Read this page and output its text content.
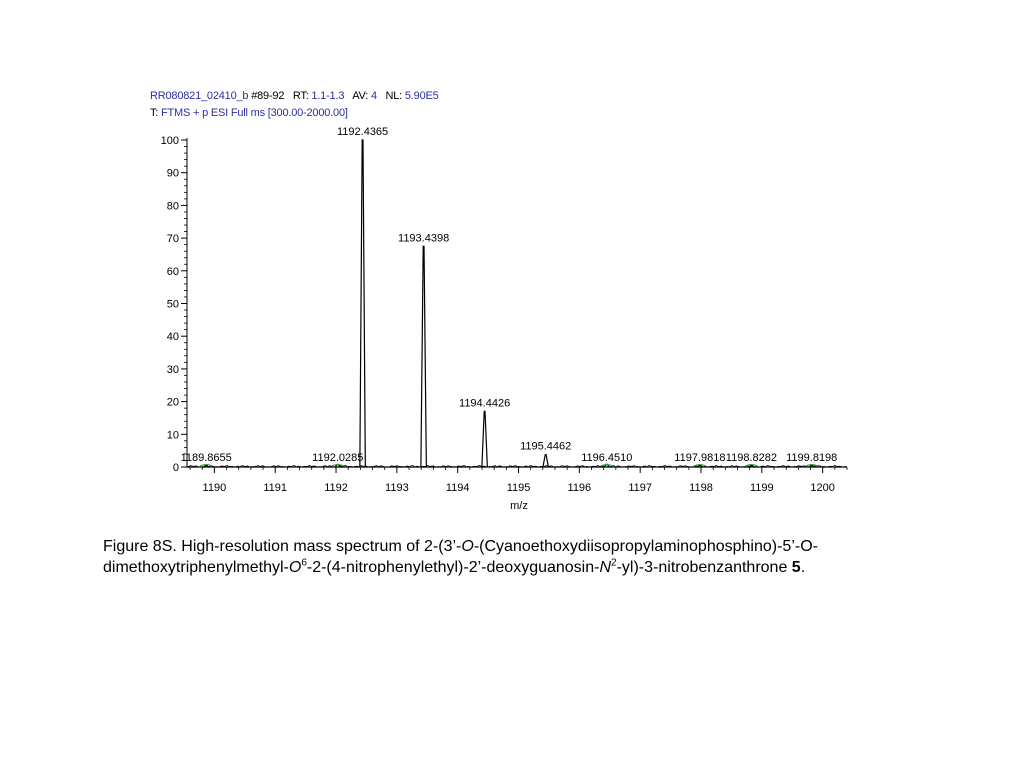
RR080821_02410_b #89-92 RT: 1.1-1.3 AV: 4 NL: 5.90E5
T: FTMS + p ESI Full ms [300.00-2000.00]
0
10
20
30
40
50
60
70
80
90
100
1190	1191	1192	1193	1194	1195	1196	1197	1198	1199	1200
1189.8655	1192.0285
1192.4365
1193.4398
1194.4426
1195.4462
1196.4510	1197.9818 1198.8282 1199.8198
m/z
Figure 8S. High-resolution mass spectrum of 2-(3’-O-(Cyanoethoxydiisopropylaminophosphino)-5’-O-
dimethoxytriphenylmethyl-$O^6-2-(4-nitrophenylethyl)-2’-deoxyguanosin-N^2-yl)-3$-nitrobenzanthrone 5.
